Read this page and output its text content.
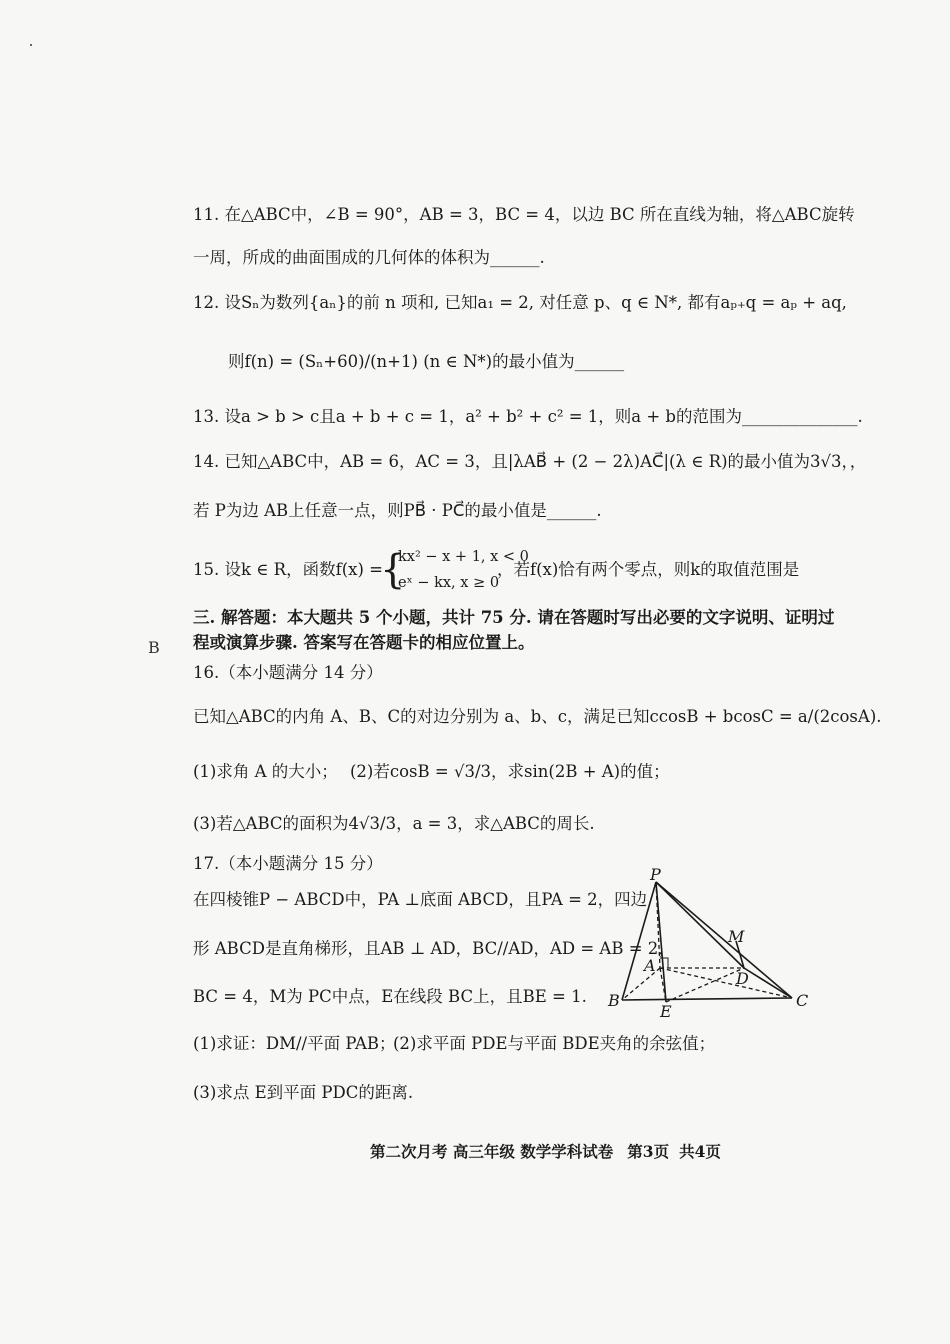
11. 在△ABC中，∠B = 90°，AB = 3，BC = 4，以边 BC 所在直线为轴，将△ABC旋转
一周，所成的曲面围成的几何体的体积为______.
12. 设Sₙ为数列{aₙ}的前 n 项和, 已知a₁ = 2, 对任意 p、q ∈ N*, 都有aₚ₊q = aₚ + aq,
则f(n) = (Sₙ+60)/(n+1) (n ∈ N*)的最小值为______
13. 设a > b > c且a + b + c = 1，a² + b² + c² = 1，则a + b的范围为______________.
14. 已知△ABC中，AB = 6，AC = 3，且|λAB⃗ + (2 − 2λ)AC⃗|(λ ∈ R)的最小值为3√3，，
若 P为边 AB上任意一点，则PB⃗ · PC⃗的最小值是______.
15. 设k ∈ R，函数f(x) =
{
kx² − x + 1, x < 0
eˣ − kx, x ≥ 0
，若f(x)恰有两个零点，则k的取值范围是
三. 解答题：本大题共 5 个小题，共计 75 分. 请在答题时写出必要的文字说明、证明过
程或演算步骤. 答案写在答题卡的相应位置上。
B
16.（本小题满分 14 分）
已知△ABC的内角 A、B、C的对边分别为 a、b、c，满足已知ccosB + bcosC = a/(2cosA).
(1)求角 A 的大小； (2)若cosB = √3/3，求sin(2B + A)的值；
(3)若△ABC的面积为4√3/3，a = 3，求△ABC的周长.
17.（本小题满分 15 分）
在四棱锥P − ABCD中，PA ⊥底面 ABCD，且PA = 2，四边
形 ABCD是直角梯形，且AB ⊥ AD，BC//AD，AD = AB = 2，
BC = 4，M为 PC中点，E在线段 BC上，且BE = 1.
(1)求证：DM//平面 PAB；
(2)求平面 PDE与平面 BDE夹角的余弦值；
(3)求点 E到平面 PDC的距离.
P
M
A
D
B
E
C
第二次月考 高三年级 数学学科试卷 第3页 共4页
